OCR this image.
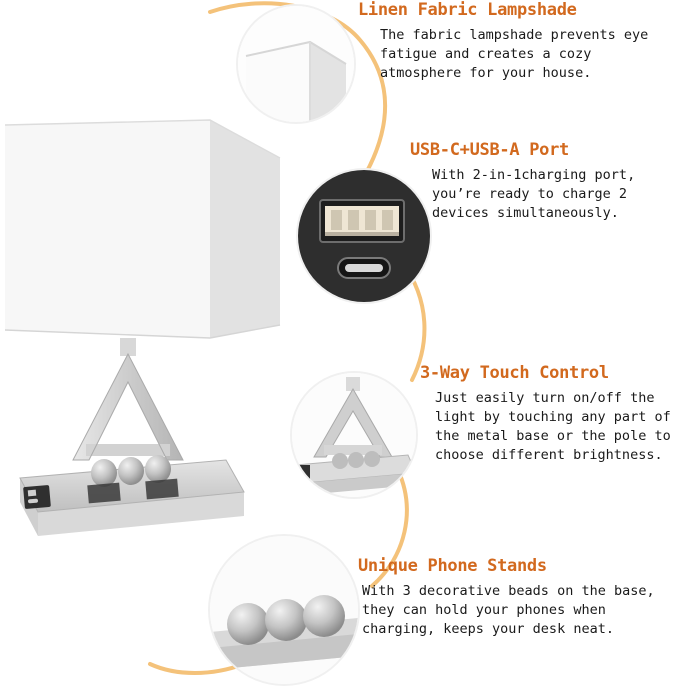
Linen Fabric Lampshade
The fabric lampshade prevents eye fatigue and creates a cozy atmosphere for your house.
USB-C+USB-A Port
With 2-in-1charging port, you’re ready to charge 2 devices simultaneously.
3-Way Touch Control
Just easily turn on/off the light by touching any part of the metal base or the pole to choose different brightness.
Unique Phone Stands
With 3 decorative beads on the base, they can hold your phones when charging, keeps your desk neat.
